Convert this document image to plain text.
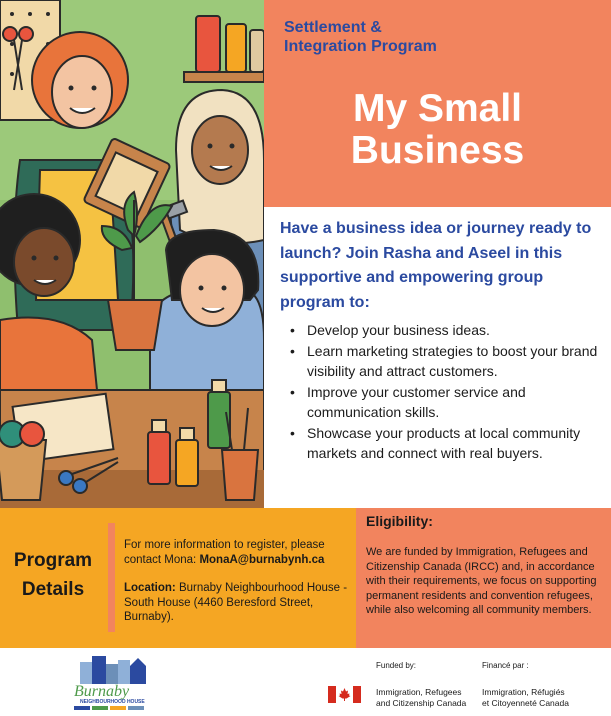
Settlement &
Integration Program
My Small
Business

Have a business idea or journey ready to launch? Join Rasha and Aseel in this supportive and empowering group program to:

• Develop your business ideas.
• Learn marketing strategies to boost your brand visibility and attract customers.
• Improve your customer service and communication skills.
• Showcase your products at local community markets and connect with real buyers.
Program
Details

For more information to register, please contact Mona: MonaA@burnabynh.ca

Location: Burnaby Neighbourhood House - South House (4460 Beresford Street, Burnaby).

Eligibility:

We are funded by Immigration, Refugees and Citizenship Canada (IRCC) and, in accordance with their requirements, we focus on supporting permanent residents and convention refugees, while also welcoming all community members.

Burnaby
NEIGHBOURHOOD HOUSE
Funded by:	Financé par :
Immigration, Refugees
and Citizenship Canada
Immigration, Réfugiés
et Citoyenneté Canada
